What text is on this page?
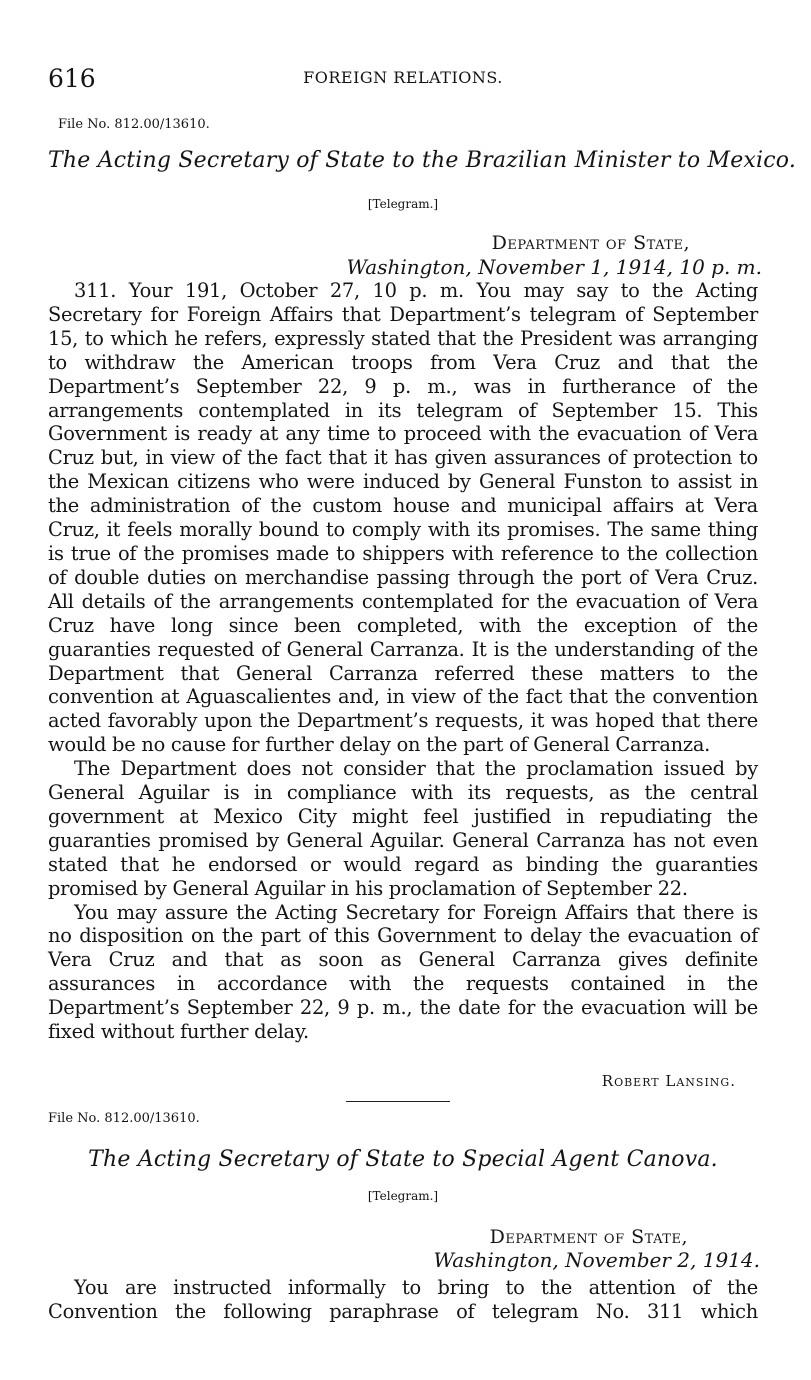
616	FOREIGN RELATIONS.
File No. 812.00/13610.
The Acting Secretary of State to the Brazilian Minister to Mexico.
[Telegram.]
Department of State,
Washington, November 1, 1914, 10 p. m.

311. Your 191, October 27, 10 p. m. You may say to the Acting Secretary for Foreign Affairs that Department’s telegram of September 15, to which he refers, expressly stated that the President was arranging to withdraw the American troops from Vera Cruz and that the Department’s September 22, 9 p. m., was in furtherance of the arrangements contemplated in its telegram of September 15. This Government is ready at any time to proceed with the evacuation of Vera Cruz but, in view of the fact that it has given assurances of protection to the Mexican citizens who were induced by General Funston to assist in the administration of the custom house and municipal affairs at Vera Cruz, it feels morally bound to comply with its promises. The same thing is true of the promises made to shippers with reference to the collection of double duties on merchandise passing through the port of Vera Cruz. All details of the arrangements contemplated for the evacuation of Vera Cruz have long since been completed, with the exception of the guaranties requested of General Carranza. It is the understanding of the Department that General Carranza referred these matters to the convention at Aguascalientes and, in view of the fact that the convention acted favorably upon the Department’s requests, it was hoped that there would be no cause for further delay on the part of General Carranza.

The Department does not consider that the proclamation issued by General Aguilar is in compliance with its requests, as the central government at Mexico City might feel justified in repudiating the guaranties promised by General Aguilar. General Carranza has not even stated that he endorsed or would regard as binding the guaranties promised by General Aguilar in his proclamation of September 22.

You may assure the Acting Secretary for Foreign Affairs that there is no disposition on the part of this Government to delay the evacuation of Vera Cruz and that as soon as General Carranza gives definite assurances in accordance with the requests contained in the Department’s September 22, 9 p. m., the date for the evacuation will be fixed without further delay.

Robert Lansing.
File No. 812.00/13610.
The Acting Secretary of State to Special Agent Canova.
[Telegram.]
Department of State,
Washington, November 2, 1914.

You are instructed informally to bring to the attention of the Convention the following paraphrase of telegram No. 311 which
